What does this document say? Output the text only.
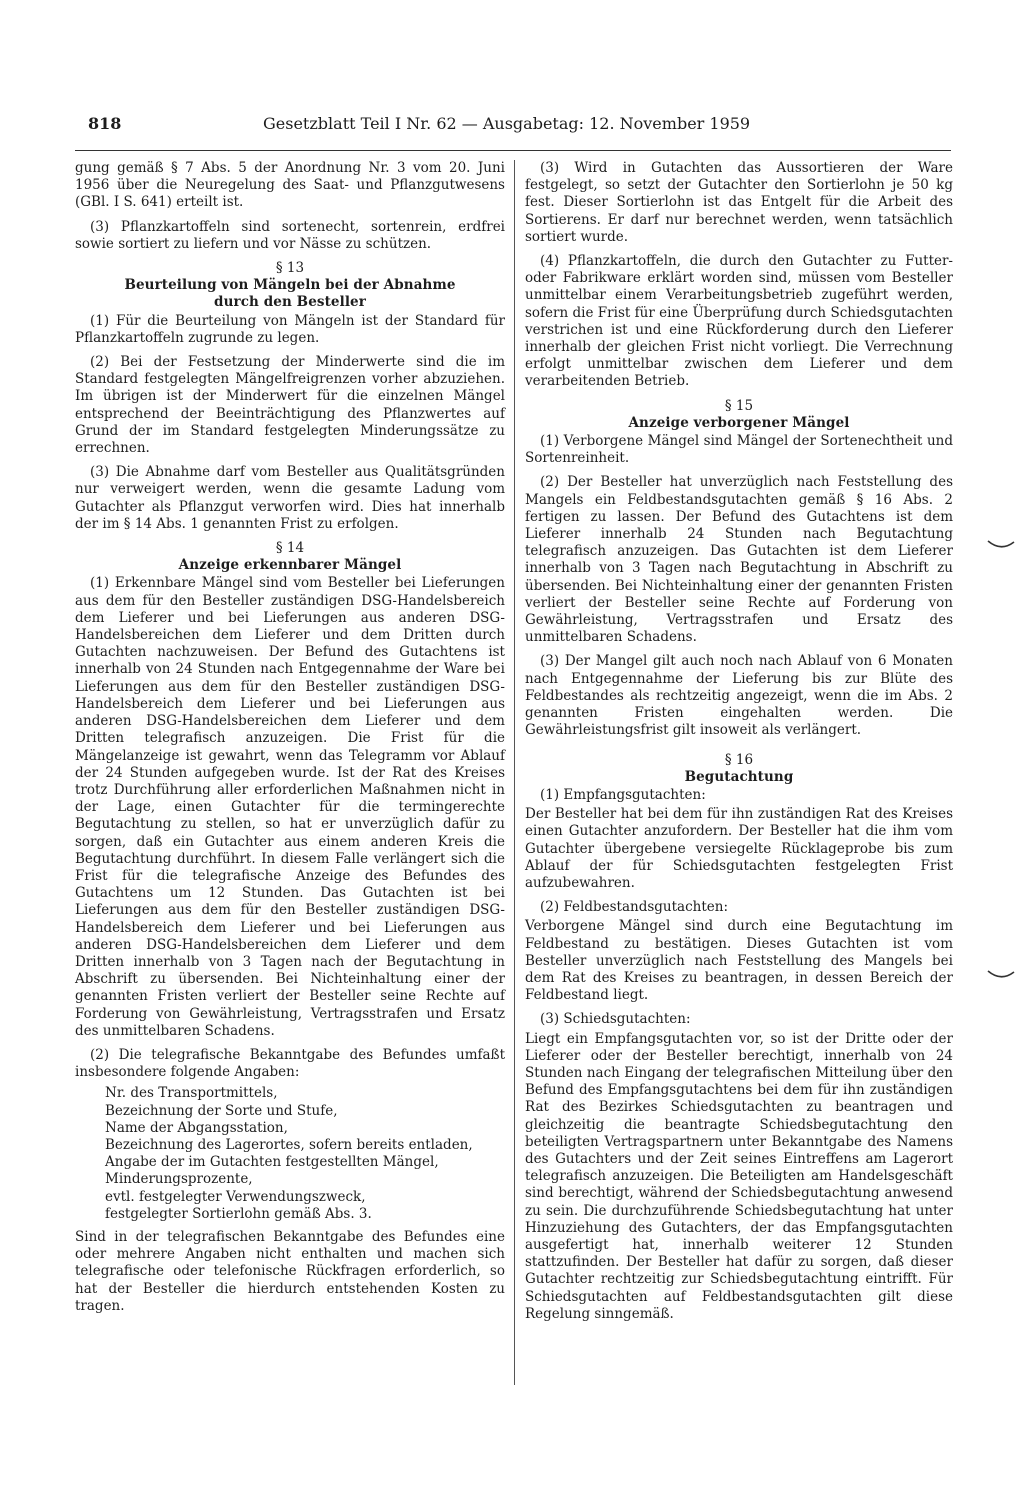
818	Gesetzblatt Teil I Nr. 62 — Ausgabetag: 12. November 1959

gung gemäß § 7 Abs. 5 der Anordnung Nr. 3 vom 20. Juni 1956 über die Neuregelung des Saat- und Pflanzgutwesens (GBl. I S. 641) erteilt ist.

(3) Pflanzkartoffeln sind sortenecht, sortenrein, erdfrei sowie sortiert zu liefern und vor Nässe zu schützen.

§ 13
Beurteilung von Mängeln bei der Abnahme
durch den Besteller

(1) Für die Beurteilung von Mängeln ist der Standard für Pflanzkartoffeln zugrunde zu legen.

(2) Bei der Festsetzung der Minderwerte sind die im Standard festgelegten Mängelfreigrenzen vorher abzuziehen. Im übrigen ist der Minderwert für die einzelnen Mängel entsprechend der Beeinträchtigung des Pflanzwertes auf Grund der im Standard festgelegten Minderungssätze zu errechnen.

(3) Die Abnahme darf vom Besteller aus Qualitätsgründen nur verweigert werden, wenn die gesamte Ladung vom Gutachter als Pflanzgut verworfen wird. Dies hat innerhalb der im § 14 Abs. 1 genannten Frist zu erfolgen.

§ 14
Anzeige erkennbarer Mängel

(1) Erkennbare Mängel sind vom Besteller bei Lieferungen aus dem für den Besteller zuständigen DSG-Handelsbereich dem Lieferer und bei Lieferungen aus anderen DSG-Handelsbereichen dem Lieferer und dem Dritten durch Gutachten nachzuweisen. Der Befund des Gutachtens ist innerhalb von 24 Stunden nach Entgegennahme der Ware bei Lieferungen aus dem für den Besteller zuständigen DSG-Handelsbereich dem Lieferer und bei Lieferungen aus anderen DSG-Handelsbereichen dem Lieferer und dem Dritten telegrafisch anzuzeigen. Die Frist für die Mängelanzeige ist gewahrt, wenn das Telegramm vor Ablauf der 24 Stunden aufgegeben wurde. Ist der Rat des Kreises trotz Durchführung aller erforderlichen Maßnahmen nicht in der Lage, einen Gutachter für die termingerechte Begutachtung zu stellen, so hat er unverzüglich dafür zu sorgen, daß ein Gutachter aus einem anderen Kreis die Begutachtung durchführt. In diesem Falle verlängert sich die Frist für die telegrafische Anzeige des Befundes des Gutachtens um 12 Stunden. Das Gutachten ist bei Lieferungen aus dem für den Besteller zuständigen DSG-Handelsbereich dem Lieferer und bei Lieferungen aus anderen DSG-Handelsbereichen dem Lieferer und dem Dritten innerhalb von 3 Tagen nach der Begutachtung in Abschrift zu übersenden. Bei Nichteinhaltung einer der genannten Fristen verliert der Besteller seine Rechte auf Forderung von Gewährleistung, Vertragsstrafen und Ersatz des unmittelbaren Schadens.

(2) Die telegrafische Bekanntgabe des Befundes umfaßt insbesondere folgende Angaben:

Nr. des Transportmittels,
Bezeichnung der Sorte und Stufe,
Name der Abgangsstation,
Bezeichnung des Lagerortes, sofern bereits entladen,
Angabe der im Gutachten festgestellten Mängel,
Minderungsprozente,
evtl. festgelegter Verwendungszweck,
festgelegter Sortierlohn gemäß Abs. 3.

Sind in der telegrafischen Bekanntgabe des Befundes eine oder mehrere Angaben nicht enthalten und machen sich telegrafische oder telefonische Rückfragen erforderlich, so hat der Besteller die hierdurch entstehenden Kosten zu tragen.

(3) Wird in Gutachten das Aussortieren der Ware festgelegt, so setzt der Gutachter den Sortierlohn je 50 kg fest. Dieser Sortierlohn ist das Entgelt für die Arbeit des Sortierens. Er darf nur berechnet werden, wenn tatsächlich sortiert wurde.

(4) Pflanzkartoffeln, die durch den Gutachter zu Futter- oder Fabrikware erklärt worden sind, müssen vom Besteller unmittelbar einem Verarbeitungsbetrieb zugeführt werden, sofern die Frist für eine Überprüfung durch Schiedsgutachten verstrichen ist und eine Rückforderung durch den Lieferer innerhalb der gleichen Frist nicht vorliegt. Die Verrechnung erfolgt unmittelbar zwischen dem Lieferer und dem verarbeitenden Betrieb.

§ 15
Anzeige verborgener Mängel

(1) Verborgene Mängel sind Mängel der Sortenechtheit und Sortenreinheit.

(2) Der Besteller hat unverzüglich nach Feststellung des Mangels ein Feldbestandsgutachten gemäß § 16 Abs. 2 fertigen zu lassen. Der Befund des Gutachtens ist dem Lieferer innerhalb 24 Stunden nach Begutachtung telegrafisch anzuzeigen. Das Gutachten ist dem Lieferer innerhalb von 3 Tagen nach Begutachtung in Abschrift zu übersenden. Bei Nichteinhaltung einer der genannten Fristen verliert der Besteller seine Rechte auf Forderung von Gewährleistung, Vertragsstrafen und Ersatz des unmittelbaren Schadens.

(3) Der Mangel gilt auch noch nach Ablauf von 6 Monaten nach Entgegennahme der Lieferung bis zur Blüte des Feldbestandes als rechtzeitig angezeigt, wenn die im Abs. 2 genannten Fristen eingehalten werden. Die Gewährleistungsfrist gilt insoweit als verlängert.

§ 16
Begutachtung

(1) Empfangsgutachten:

Der Besteller hat bei dem für ihn zuständigen Rat des Kreises einen Gutachter anzufordern. Der Besteller hat die ihm vom Gutachter übergebene versiegelte Rücklageprobe bis zum Ablauf der für Schiedsgutachten festgelegten Frist aufzubewahren.

(2) Feldbestandsgutachten:

Verborgene Mängel sind durch eine Begutachtung im Feldbestand zu bestätigen. Dieses Gutachten ist vom Besteller unverzüglich nach Feststellung des Mangels bei dem Rat des Kreises zu beantragen, in dessen Bereich der Feldbestand liegt.

(3) Schiedsgutachten:

Liegt ein Empfangsgutachten vor, so ist der Dritte oder der Lieferer oder der Besteller berechtigt, innerhalb von 24 Stunden nach Eingang der telegrafischen Mitteilung über den Befund des Empfangsgutachtens bei dem für ihn zuständigen Rat des Bezirkes Schiedsgutachten zu beantragen und gleichzeitig die beantragte Schiedsbegutachtung den beteiligten Vertragspartnern unter Bekanntgabe des Namens des Gutachters und der Zeit seines Eintreffens am Lagerort telegrafisch anzuzeigen. Die Beteiligten am Handelsgeschäft sind berechtigt, während der Schiedsbegutachtung anwesend zu sein. Die durchzuführende Schiedsbegutachtung hat unter Hinzuziehung des Gutachters, der das Empfangsgutachten ausgefertigt hat, innerhalb weiterer 12 Stunden stattzufinden. Der Besteller hat dafür zu sorgen, daß dieser Gutachter rechtzeitig zur Schiedsbegutachtung eintrifft. Für Schiedsgutachten auf Feldbestandsgutachten gilt diese Regelung sinngemäß.
